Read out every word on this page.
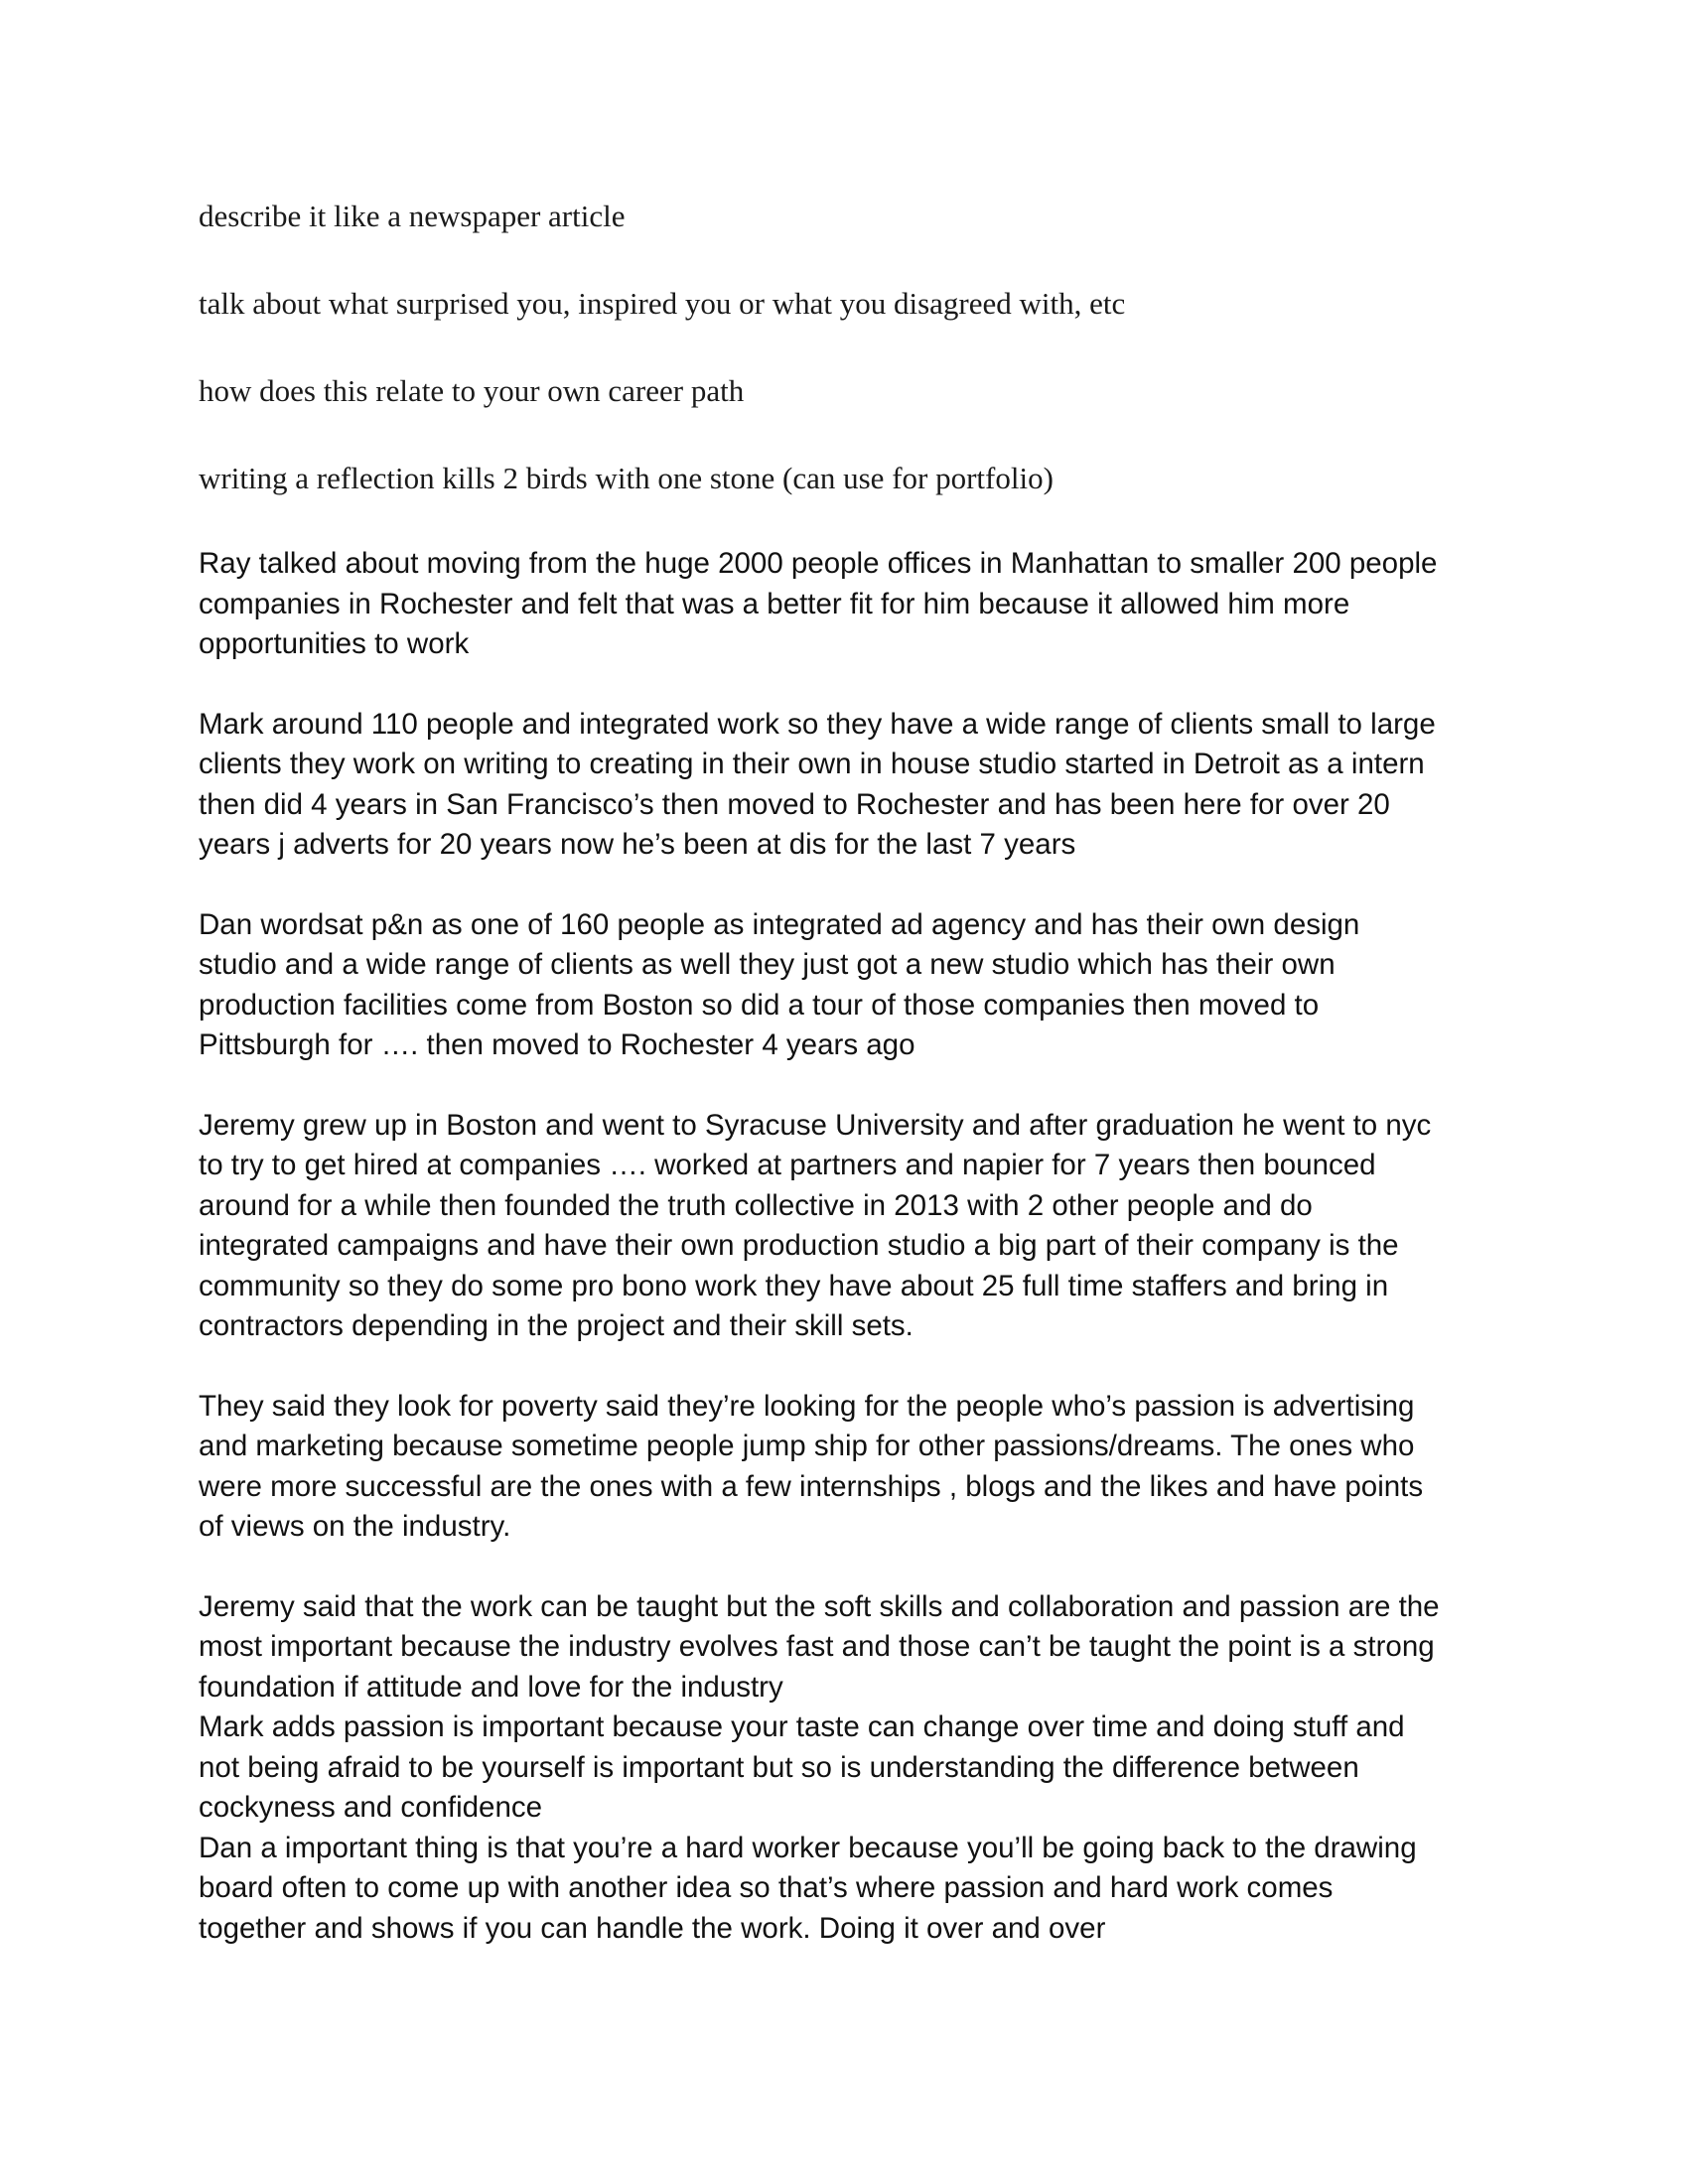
describe it like a newspaper article

talk about what surprised you, inspired you or what you disagreed with, etc

how does this relate to your own career path

writing a reflection kills 2 birds with one stone (can use for portfolio)

Ray talked about moving from the huge 2000 people offices in Manhattan to smaller 200 people
companies in Rochester and felt that was a better fit for him because it allowed him more
opportunities to work

Mark around 110 people and integrated work so they have a wide range of clients small to large
clients they work on writing to creating in their own in house studio started in Detroit as a intern
then did 4 years in San Francisco’s then moved to Rochester and has been here for over 20
years j adverts for 20 years now he’s been at dis for the last 7 years

Dan wordsat p&n as one of 160 people as integrated ad agency and has their own design
studio and a wide range of clients as well they just got a new studio which has their own
production facilities come from Boston so did a tour of those companies then moved to
Pittsburgh for …. then moved to Rochester 4 years ago

Jeremy grew up in Boston and went to Syracuse University and after graduation he went to nyc
to try to get hired at companies …. worked at partners and napier for 7 years then bounced
around for a while then founded the truth collective in 2013 with 2 other people and do
integrated campaigns and have their own production studio a big part of their company is the
community so they do some pro bono work they have about 25 full time staffers and bring in
contractors depending in the project and their skill sets.

They said they look for poverty said they’re looking for the people who’s passion is advertising
and marketing because sometime people jump ship for other passions/dreams. The ones who
were more successful are the ones with a few internships , blogs and the likes and have points
of views on the industry.

Jeremy said that the work can be taught but the soft skills and collaboration and passion are the
most important because the industry evolves fast and those can’t be taught the point is a strong
foundation if attitude and love for the industry

Mark adds passion is important because your taste can change over time and doing stuff and
not being afraid to be yourself is important but so is understanding the difference between
cockyness and confidence

Dan a important thing is that you’re a hard worker because you’ll be going back to the drawing
board often to come up with another idea so that’s where passion and hard work comes
together and shows if you can handle the work. Doing it over and over
